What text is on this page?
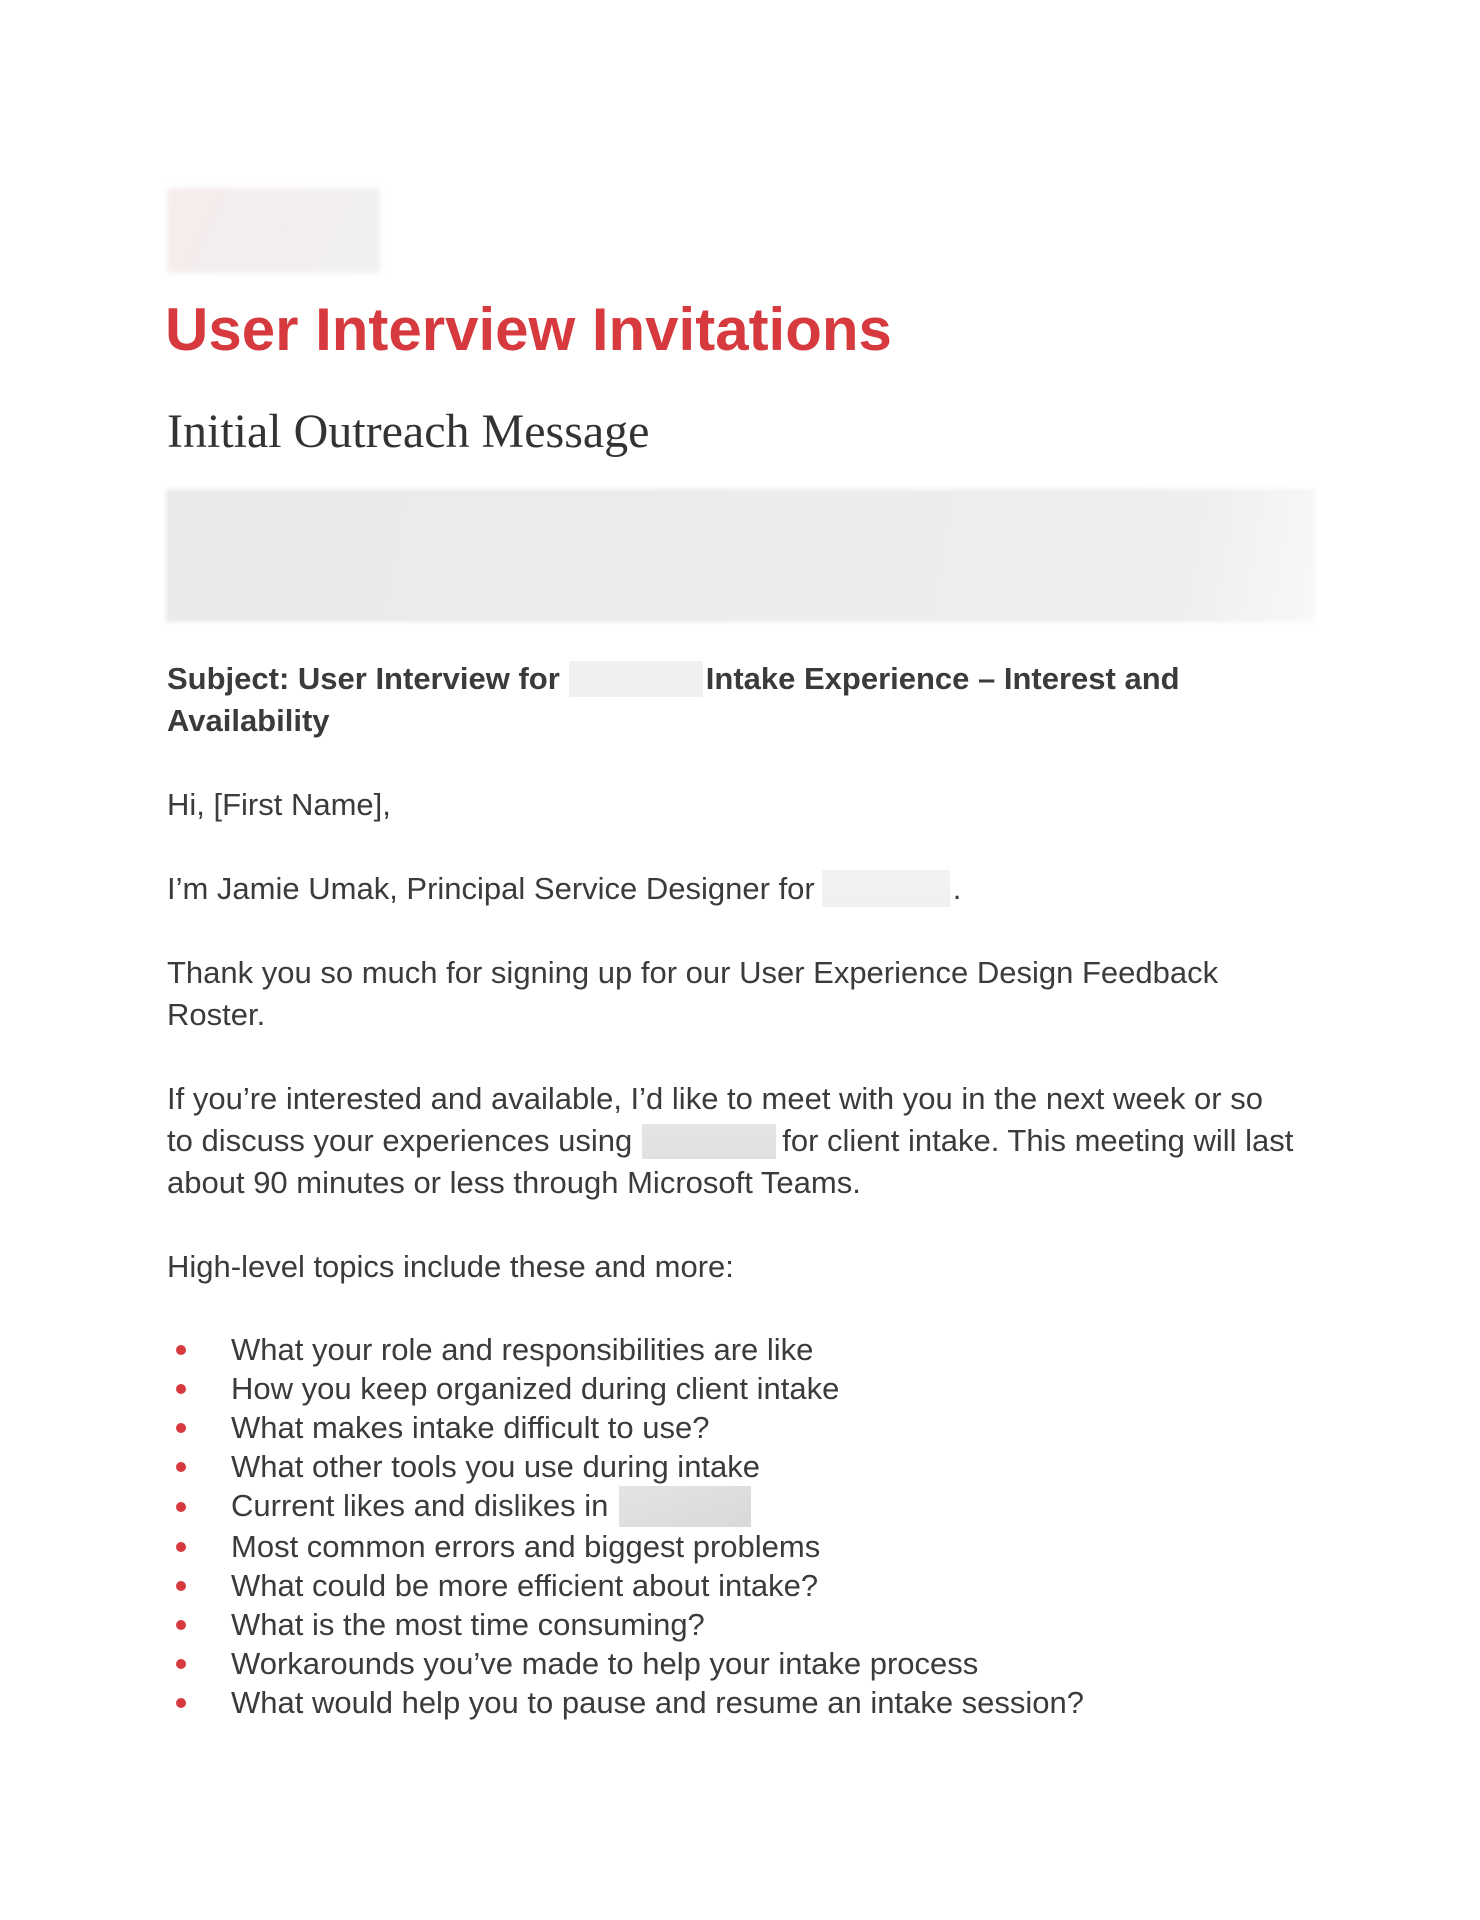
User Interview Invitations
Initial Outreach Message

Subject: User Interview for	Intake Experience – Interest and
Availability

Hi, [First Name],

I’m Jamie Umak, Principal Service Designer for	.

Thank you so much for signing up for our User Experience Design Feedback
Roster.

If you’re interested and available, I’d like to meet with you in the next week or so
to discuss your experiences using	for client intake. This meeting will last
about 90 minutes or less through Microsoft Teams.

High-level topics include these and more:

What your role and responsibilities are like
How you keep organized during client intake
What makes intake difficult to use?
What other tools you use during intake
Current likes and dislikes in
Most common errors and biggest problems
What could be more efficient about intake?
What is the most time consuming?
Workarounds you’ve made to help your intake process
What would help you to pause and resume an intake session?
